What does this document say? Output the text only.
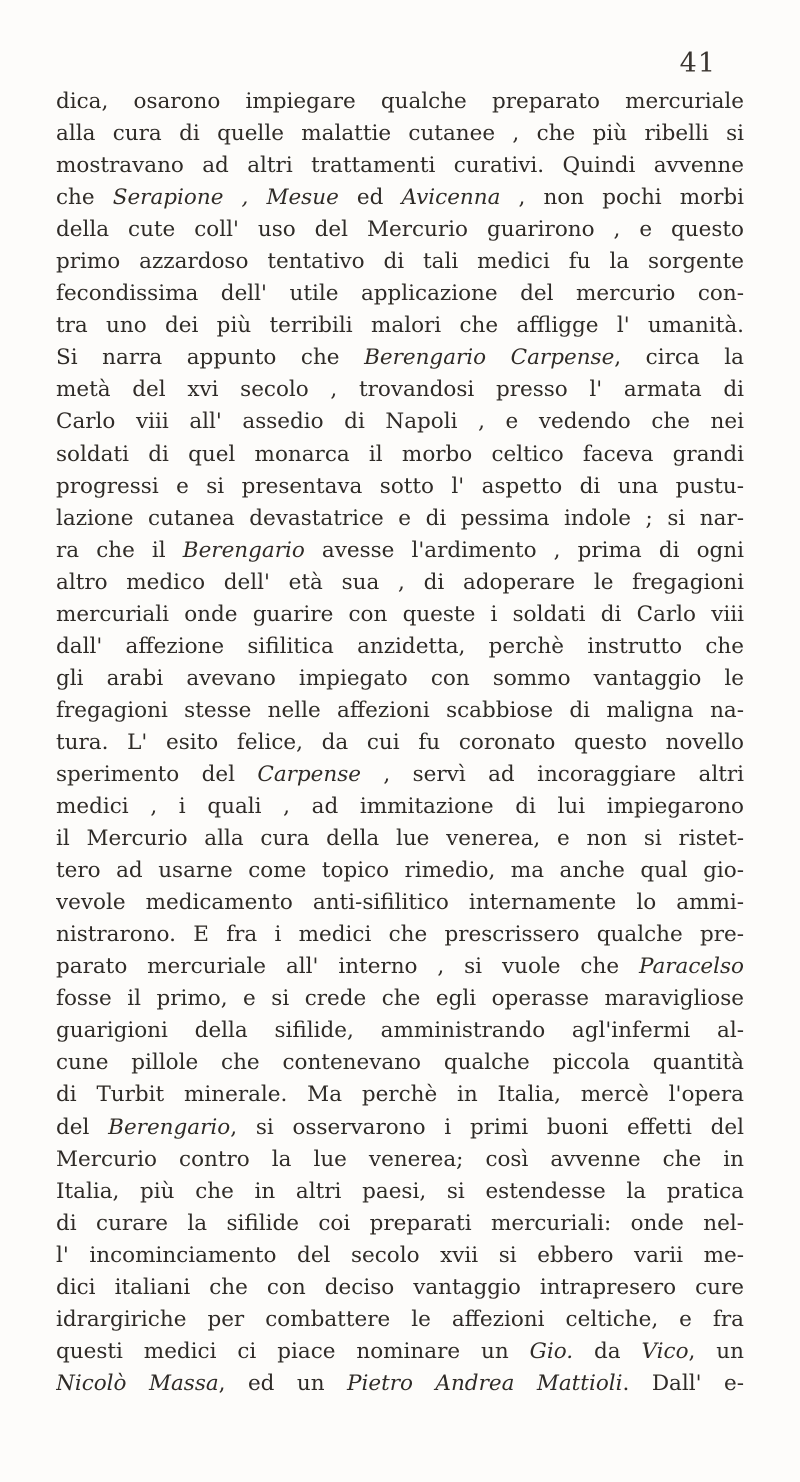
41
dica, osarono impiegare qualche preparato mercuriale
alla cura di quelle malattie cutanee , che più ribelli si
mostravano ad altri trattamenti curativi. Quindi avvenne
che Serapione , Mesue ed Avicenna , non pochi morbi
della cute coll' uso del Mercurio guarirono , e questo
primo azzardoso tentativo di tali medici fu la sorgente
fecondissima dell' utile applicazione del mercurio con-
tra uno dei più terribili malori che affligge l' umanità.
Si narra appunto che Berengario Carpense, circa la
metà del xvi secolo , trovandosi presso l' armata di
Carlo viii all' assedio di Napoli , e vedendo che nei
soldati di quel monarca il morbo celtico faceva grandi
progressi e si presentava sotto l' aspetto di una pustu-
lazione cutanea devastatrice e di pessima indole ; si nar-
ra che il Berengario avesse l'ardimento , prima di ogni
altro medico dell' età sua , di adoperare le fregagioni
mercuriali onde guarire con queste i soldati di Carlo viii
dall' affezione sifilitica anzidetta, perchè instrutto che
gli arabi avevano impiegato con sommo vantaggio le
fregagioni stesse nelle affezioni scabbiose di maligna na-
tura. L' esito felice, da cui fu coronato questo novello
sperimento del Carpense , servì ad incoraggiare altri
medici , i quali , ad immitazione di lui impiegarono
il Mercurio alla cura della lue venerea, e non si ristet-
tero ad usarne come topico rimedio, ma anche qual gio-
vevole medicamento anti-sifilitico internamente lo ammi-
nistrarono. E fra i medici che prescrissero qualche pre-
parato mercuriale all' interno , si vuole che Paracelso
fosse il primo, e si crede che egli operasse maravigliose
guarigioni della sifilide, amministrando agl'infermi al-
cune pillole che contenevano qualche piccola quantità
di Turbit minerale. Ma perchè in Italia, mercè l'opera
del Berengario, si osservarono i primi buoni effetti del
Mercurio contro la lue venerea; così avvenne che in
Italia, più che in altri paesi, si estendesse la pratica
di curare la sifilide coi preparati mercuriali: onde nel-
l' incominciamento del secolo xvii si ebbero varii me-
dici italiani che con deciso vantaggio intrapresero cure
idrargiriche per combattere le affezioni celtiche, e fra
questi medici ci piace nominare un Gio. da Vico, un
Nicolò Massa, ed un Pietro Andrea Mattioli. Dall' e-
